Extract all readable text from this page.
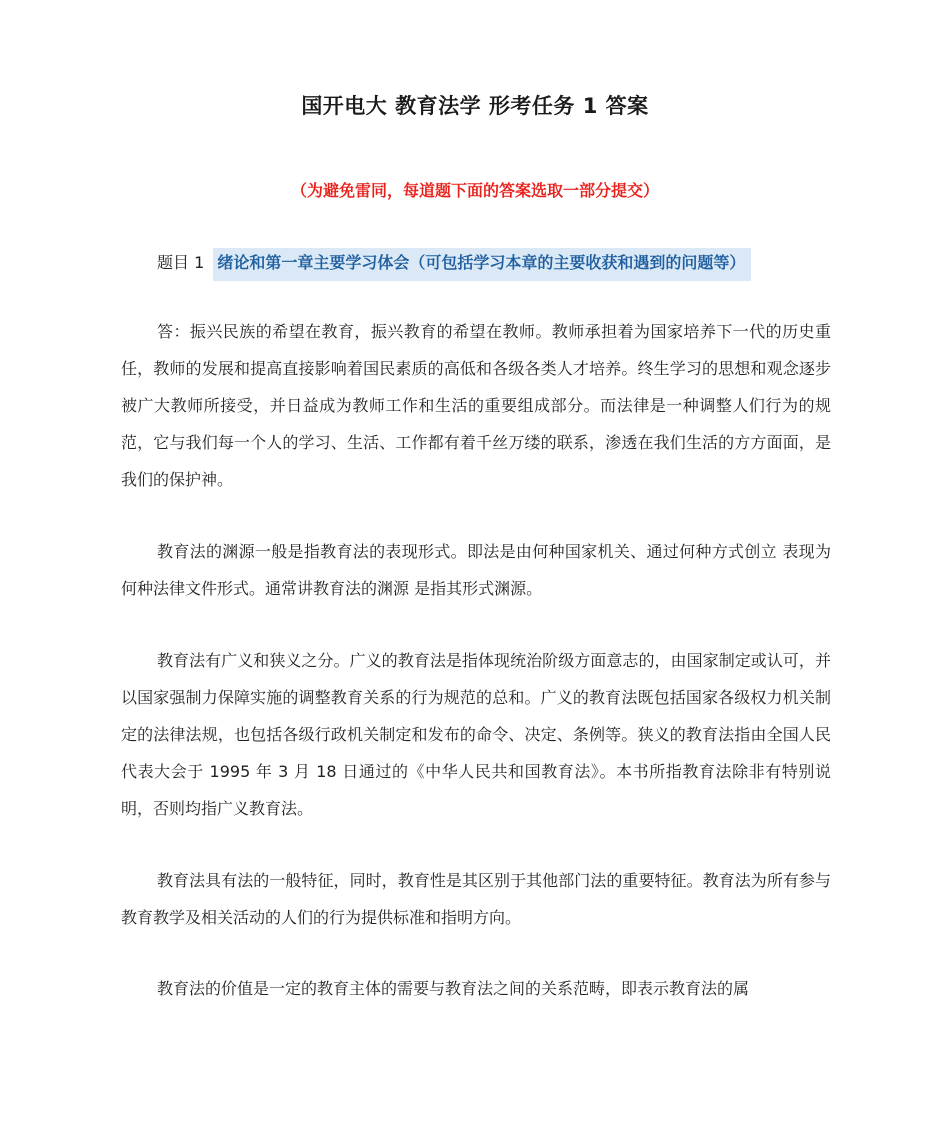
国开电大 教育法学 形考任务 1 答案
（为避免雷同，每道题下面的答案选取一部分提交）
题目 1 绪论和第一章主要学习体会（可包括学习本章的主要收获和遇到的问题等）

答：振兴民族的希望在教育，振兴教育的希望在教师。教师承担着为国家培养下一代的历史重任，教师的发展和提高直接影响着国民素质的高低和各级各类人才培养。终生学习的思想和观念逐步被广大教师所接受，并日益成为教师工作和生活的重要组成部分。而法律是一种调整人们行为的规范，它与我们每一个人的学习、生活、工作都有着千丝万缕的联系，渗透在我们生活的方方面面，是我们的保护神。

教育法的渊源一般是指教育法的表现形式。即法是由何种国家机关、通过何种方式创立 表现为何种法律文件形式。通常讲教育法的渊源 是指其形式渊源。

教育法有广义和狭义之分。广义的教育法是指体现统治阶级方面意志的，由国家制定或认可，并以国家强制力保障实施的调整教育关系的行为规范的总和。广义的教育法既包括国家各级权力机关制定的法律法规，也包括各级行政机关制定和发布的命令、决定、条例等。狭义的教育法指由全国人民代表大会于 1995 年 3 月 18 日通过的《中华人民共和国教育法》。本书所指教育法除非有特别说明，否则均指广义教育法。

教育法具有法的一般特征，同时，教育性是其区别于其他部门法的重要特征。教育法为所有参与教育教学及相关活动的人们的行为提供标准和指明方向。

教育法的价值是一定的教育主体的需要与教育法之间的关系范畴，即表示教育法的属
